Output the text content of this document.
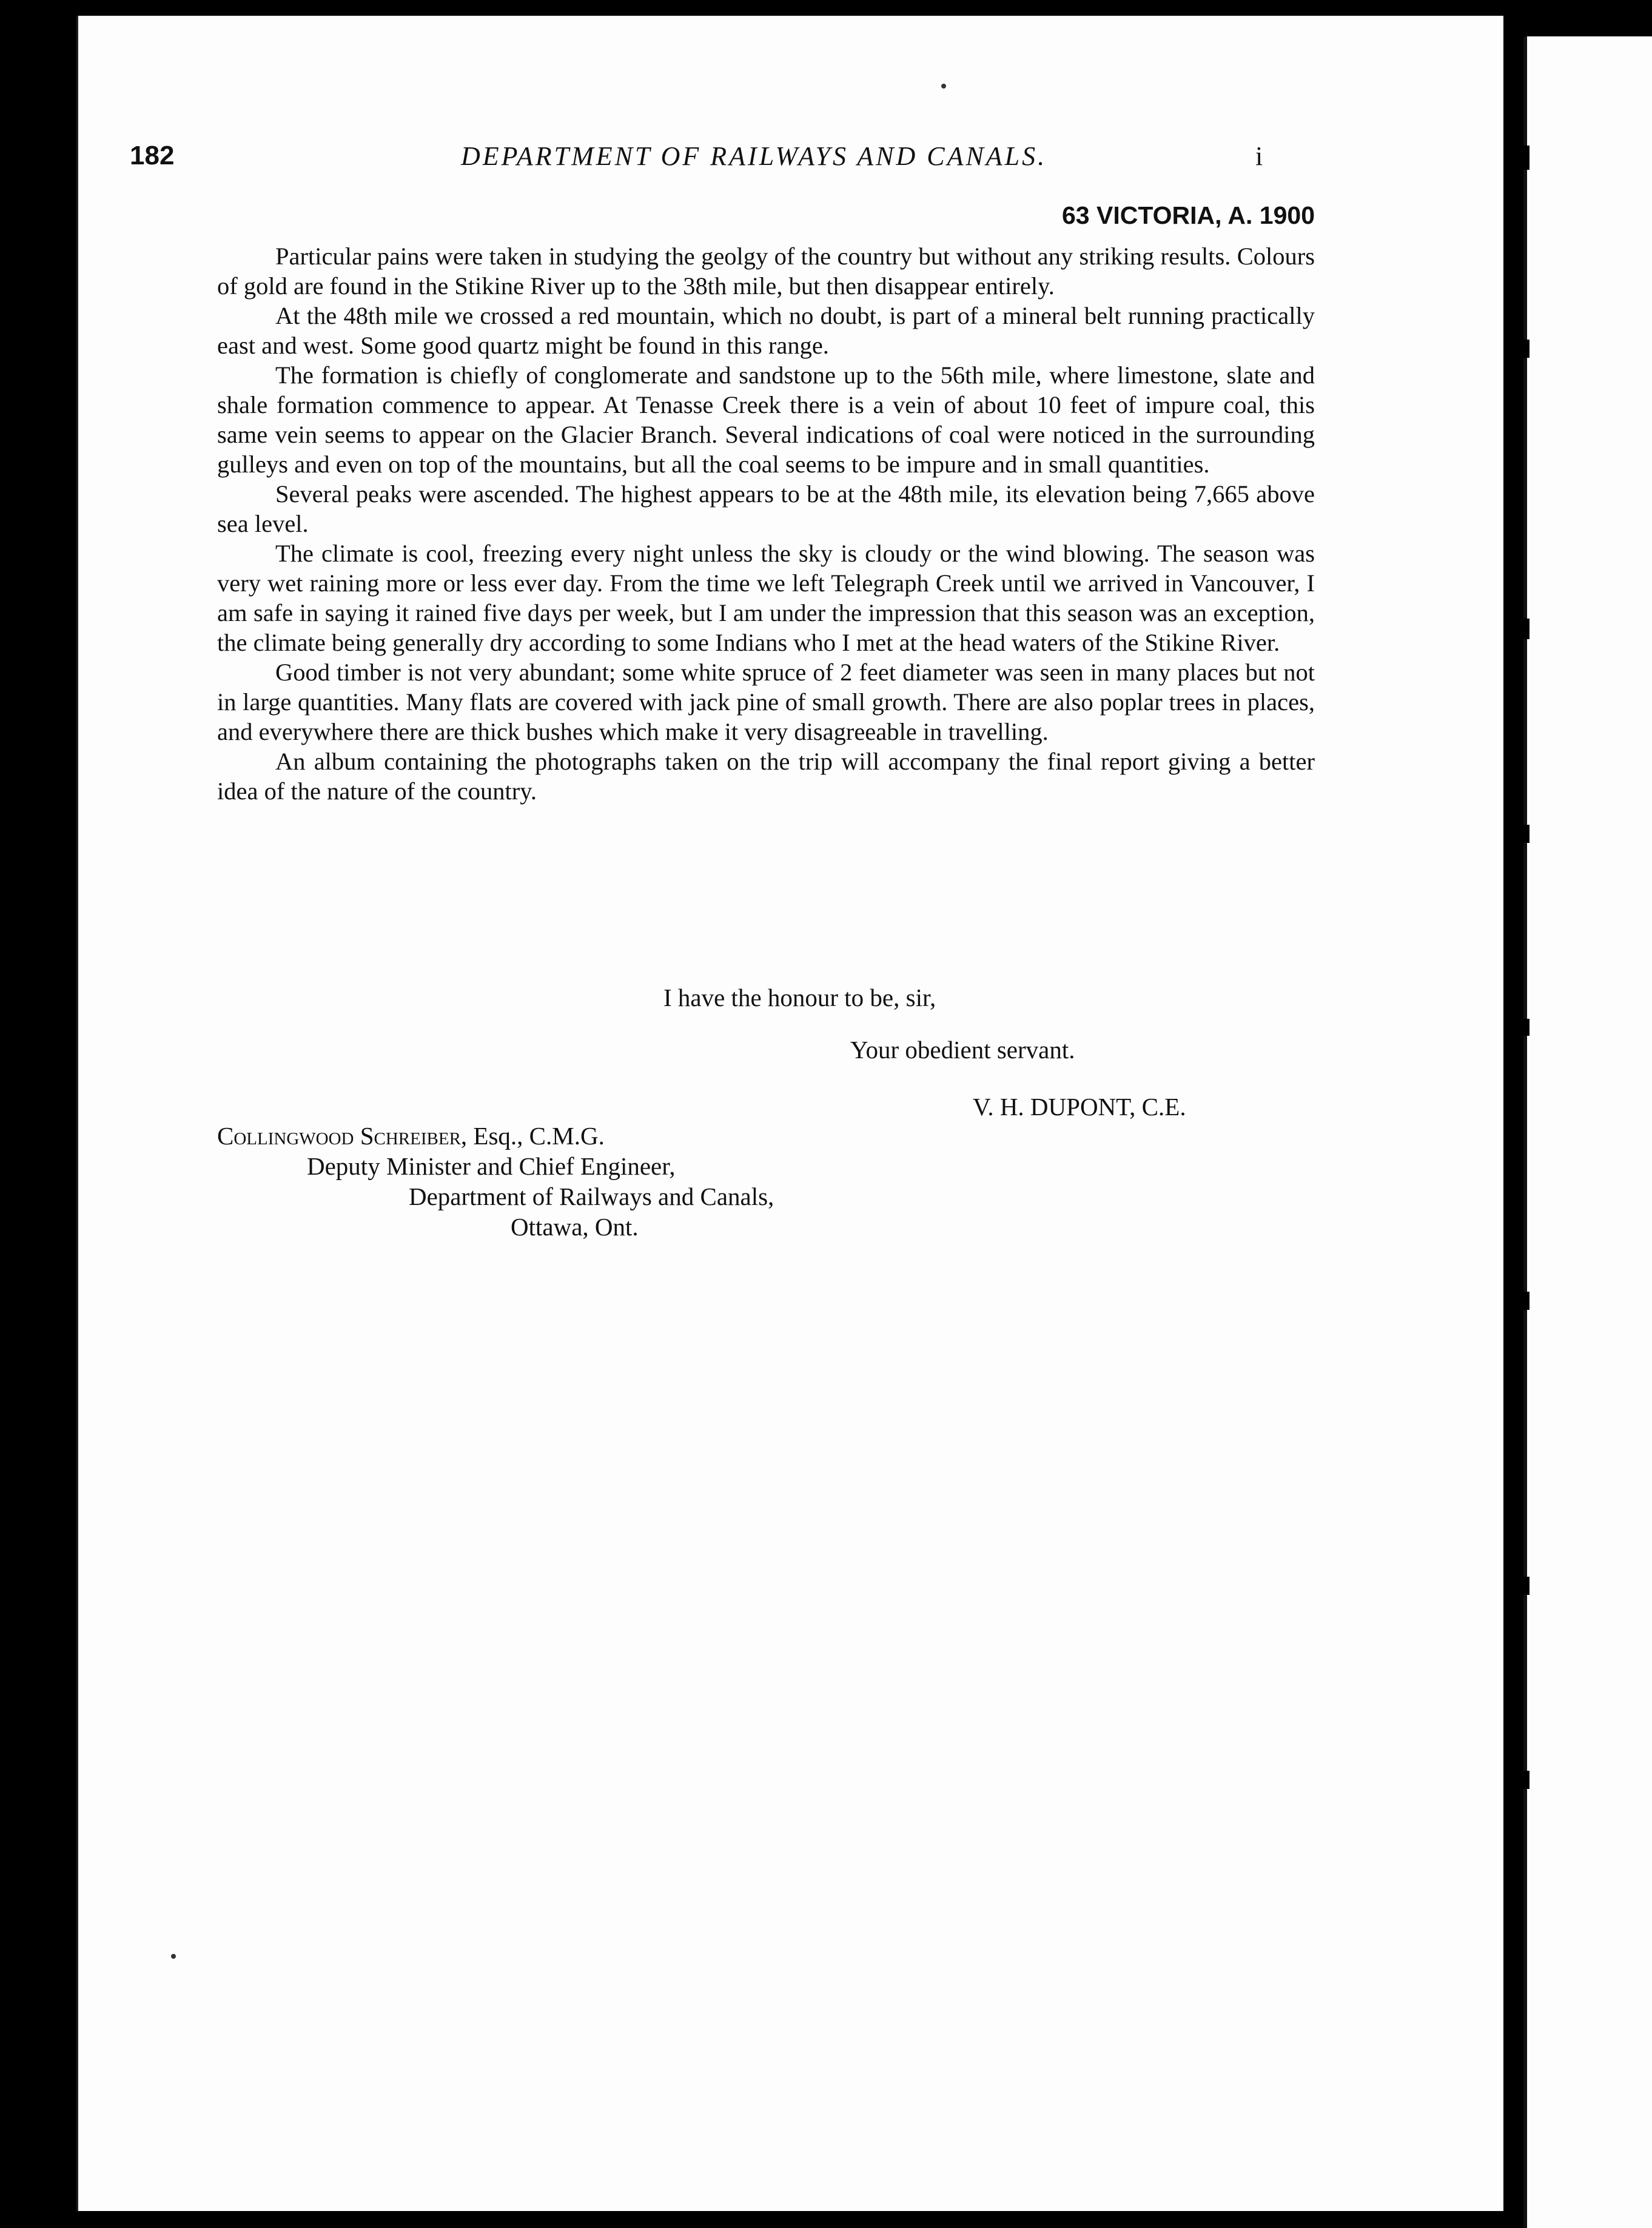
182	DEPARTMENT OF RAILWAYS AND CANALS.	i
63 VICTORIA, A. 1900

Particular pains were taken in studying the geolgy of the country but without any striking results. Colours of gold are found in the Stikine River up to the 38th mile, but then disappear entirely.

At the 48th mile we crossed a red mountain, which no doubt, is part of a mineral belt running practically east and west. Some good quartz might be found in this range.

The formation is chiefly of conglomerate and sandstone up to the 56th mile, where limestone, slate and shale formation commence to appear. At Tenasse Creek there is a vein of about 10 feet of impure coal, this same vein seems to appear on the Glacier Branch. Several indications of coal were noticed in the surrounding gulleys and even on top of the mountains, but all the coal seems to be impure and in small quantities.

Several peaks were ascended. The highest appears to be at the 48th mile, its elevation being 7,665 above sea level.

The climate is cool, freezing every night unless the sky is cloudy or the wind blowing. The season was very wet raining more or less ever day. From the time we left Telegraph Creek until we arrived in Vancouver, I am safe in saying it rained five days per week, but I am under the impression that this season was an exception, the climate being generally dry according to some Indians who I met at the head waters of the Stikine River.

Good timber is not very abundant; some white spruce of 2 feet diameter was seen in many places but not in large quantities. Many flats are covered with jack pine of small growth. There are also poplar trees in places, and everywhere there are thick bushes which make it very disagreeable in travelling.

An album containing the photographs taken on the trip will accompany the final report giving a better idea of the nature of the country.

I have the honour to be, sir,
Your obedient servant.
V. H. DUPONT, C.E.
Collingwood Schreiber, Esq., C.M.G.
Deputy Minister and Chief Engineer,
Department of Railways and Canals,
Ottawa, Ont.
